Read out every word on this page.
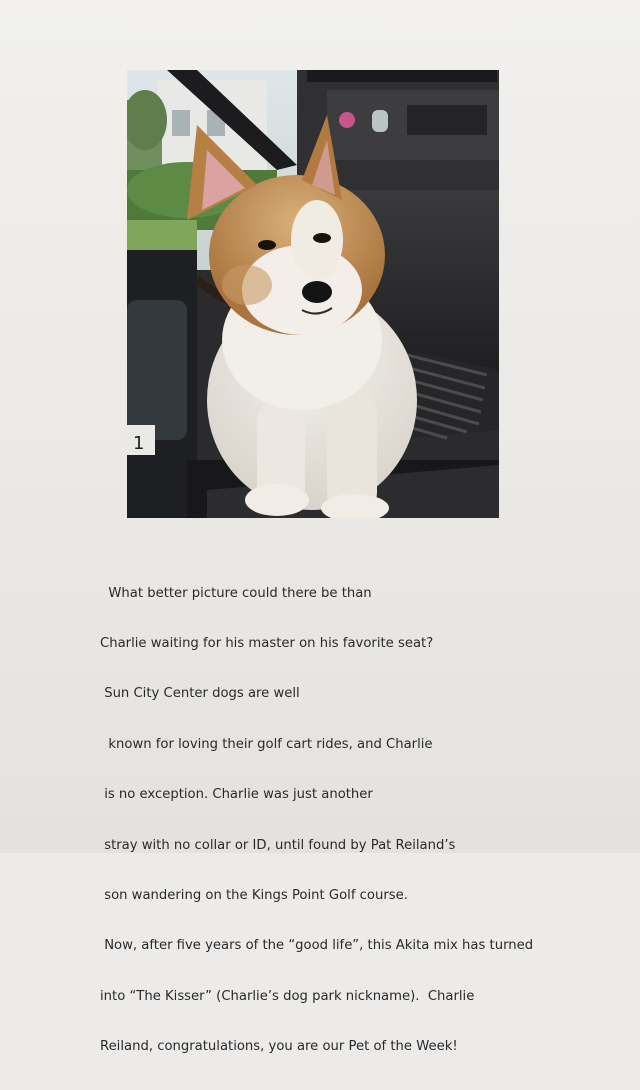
1

What better picture could there be than

Charlie waiting for his master on his favorite seat?

Sun City Center dogs are well

known for loving their golf cart rides, and Charlie

is no exception. Charlie was just another

stray with no collar or ID, until found by Pat Reiland’s

son wandering on the Kings Point Golf course.

Now, after five years of the “good life”, this Akita mix has turned

into “The Kisser” (Charlie’s dog park nickname).  Charlie

Reiland, congratulations, you are our Pet of the Week!
